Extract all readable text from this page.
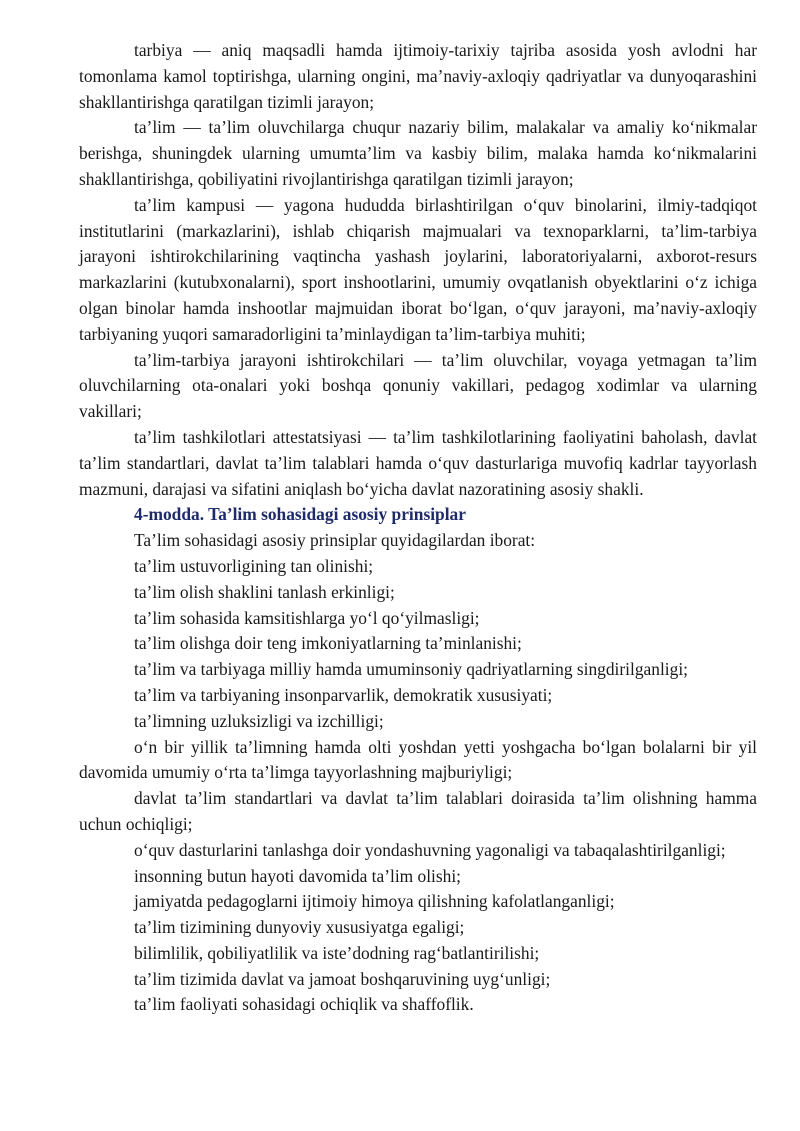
tarbiya — aniq maqsadli hamda ijtimoiy-tarixiy tajriba asosida yosh avlodni har tomonlama kamol toptirishga, ularning ongini, ma’naviy-axloqiy qadriyatlar va dunyoqarashini shakllantirishga qaratilgan tizimli jarayon;

ta’lim — ta’lim oluvchilarga chuqur nazariy bilim, malakalar va amaliy ko‘nikmalar berishga, shuningdek ularning umumta’lim va kasbiy bilim, malaka hamda ko‘nikmalarini shakllantirishga, qobiliyatini rivojlantirishga qaratilgan tizimli jarayon;

ta’lim kampusi — yagona hududda birlashtirilgan o‘quv binolarini, ilmiy-tadqiqot institutlarini (markazlarini), ishlab chiqarish majmualari va texnoparklarni, ta’lim-tarbiya jarayoni ishtirokchilarining vaqtincha yashash joylarini, laboratoriyalarni, axborot-resurs markazlarini (kutubxonalarni), sport inshootlarini, umumiy ovqatlanish obyektlarini o‘z ichiga olgan binolar hamda inshootlar majmuidan iborat bo‘lgan, o‘quv jarayoni, ma’naviy-axloqiy tarbiyaning yuqori samaradorligini ta’minlaydigan ta’lim-tarbiya muhiti;

ta’lim-tarbiya jarayoni ishtirokchilari — ta’lim oluvchilar, voyaga yetmagan ta’lim oluvchilarning ota-onalari yoki boshqa qonuniy vakillari, pedagog xodimlar va ularning vakillari;

ta’lim tashkilotlari attestatsiyasi — ta’lim tashkilotlarining faoliyatini baholash, davlat ta’lim standartlari, davlat ta’lim talablari hamda o‘quv dasturlariga muvofiq kadrlar tayyorlash mazmuni, darajasi va sifatini aniqlash bo‘yicha davlat nazoratining asosiy shakli.

4-modda. Ta’lim sohasidagi asosiy prinsiplar

Ta’lim sohasidagi asosiy prinsiplar quyidagilardan iborat:

ta’lim ustuvorligining tan olinishi;

ta’lim olish shaklini tanlash erkinligi;

ta’lim sohasida kamsitishlarga yo‘l qo‘yilmasligi;

ta’lim olishga doir teng imkoniyatlarning ta’minlanishi;

ta’lim va tarbiyaga milliy hamda umuminsoniy qadriyatlarning singdirilganligi;

ta’lim va tarbiyaning insonparvarlik, demokratik xususiyati;

ta’limning uzluksizligi va izchilligi;

o‘n bir yillik ta’limning hamda olti yoshdan yetti yoshgacha bo‘lgan bolalarni bir yil davomida umumiy o‘rta ta’limga tayyorlashning majburiyligi;

davlat ta’lim standartlari va davlat ta’lim talablari doirasida ta’lim olishning hamma uchun ochiqligi;

o‘quv dasturlarini tanlashga doir yondashuvning yagonaligi va tabaqalashtirilganligi;

insonning butun hayoti davomida ta’lim olishi;

jamiyatda pedagoglarni ijtimoiy himoya qilishning kafolatlanganligi;

ta’lim tizimining dunyoviy xususiyatga egaligi;

bilimlilik, qobiliyatlilik va iste’dodning rag‘batlantirilishi;

ta’lim tizimida davlat va jamoat boshqaruvining uyg‘unligi;

ta’lim faoliyati sohasidagi ochiqlik va shaffoflik.
